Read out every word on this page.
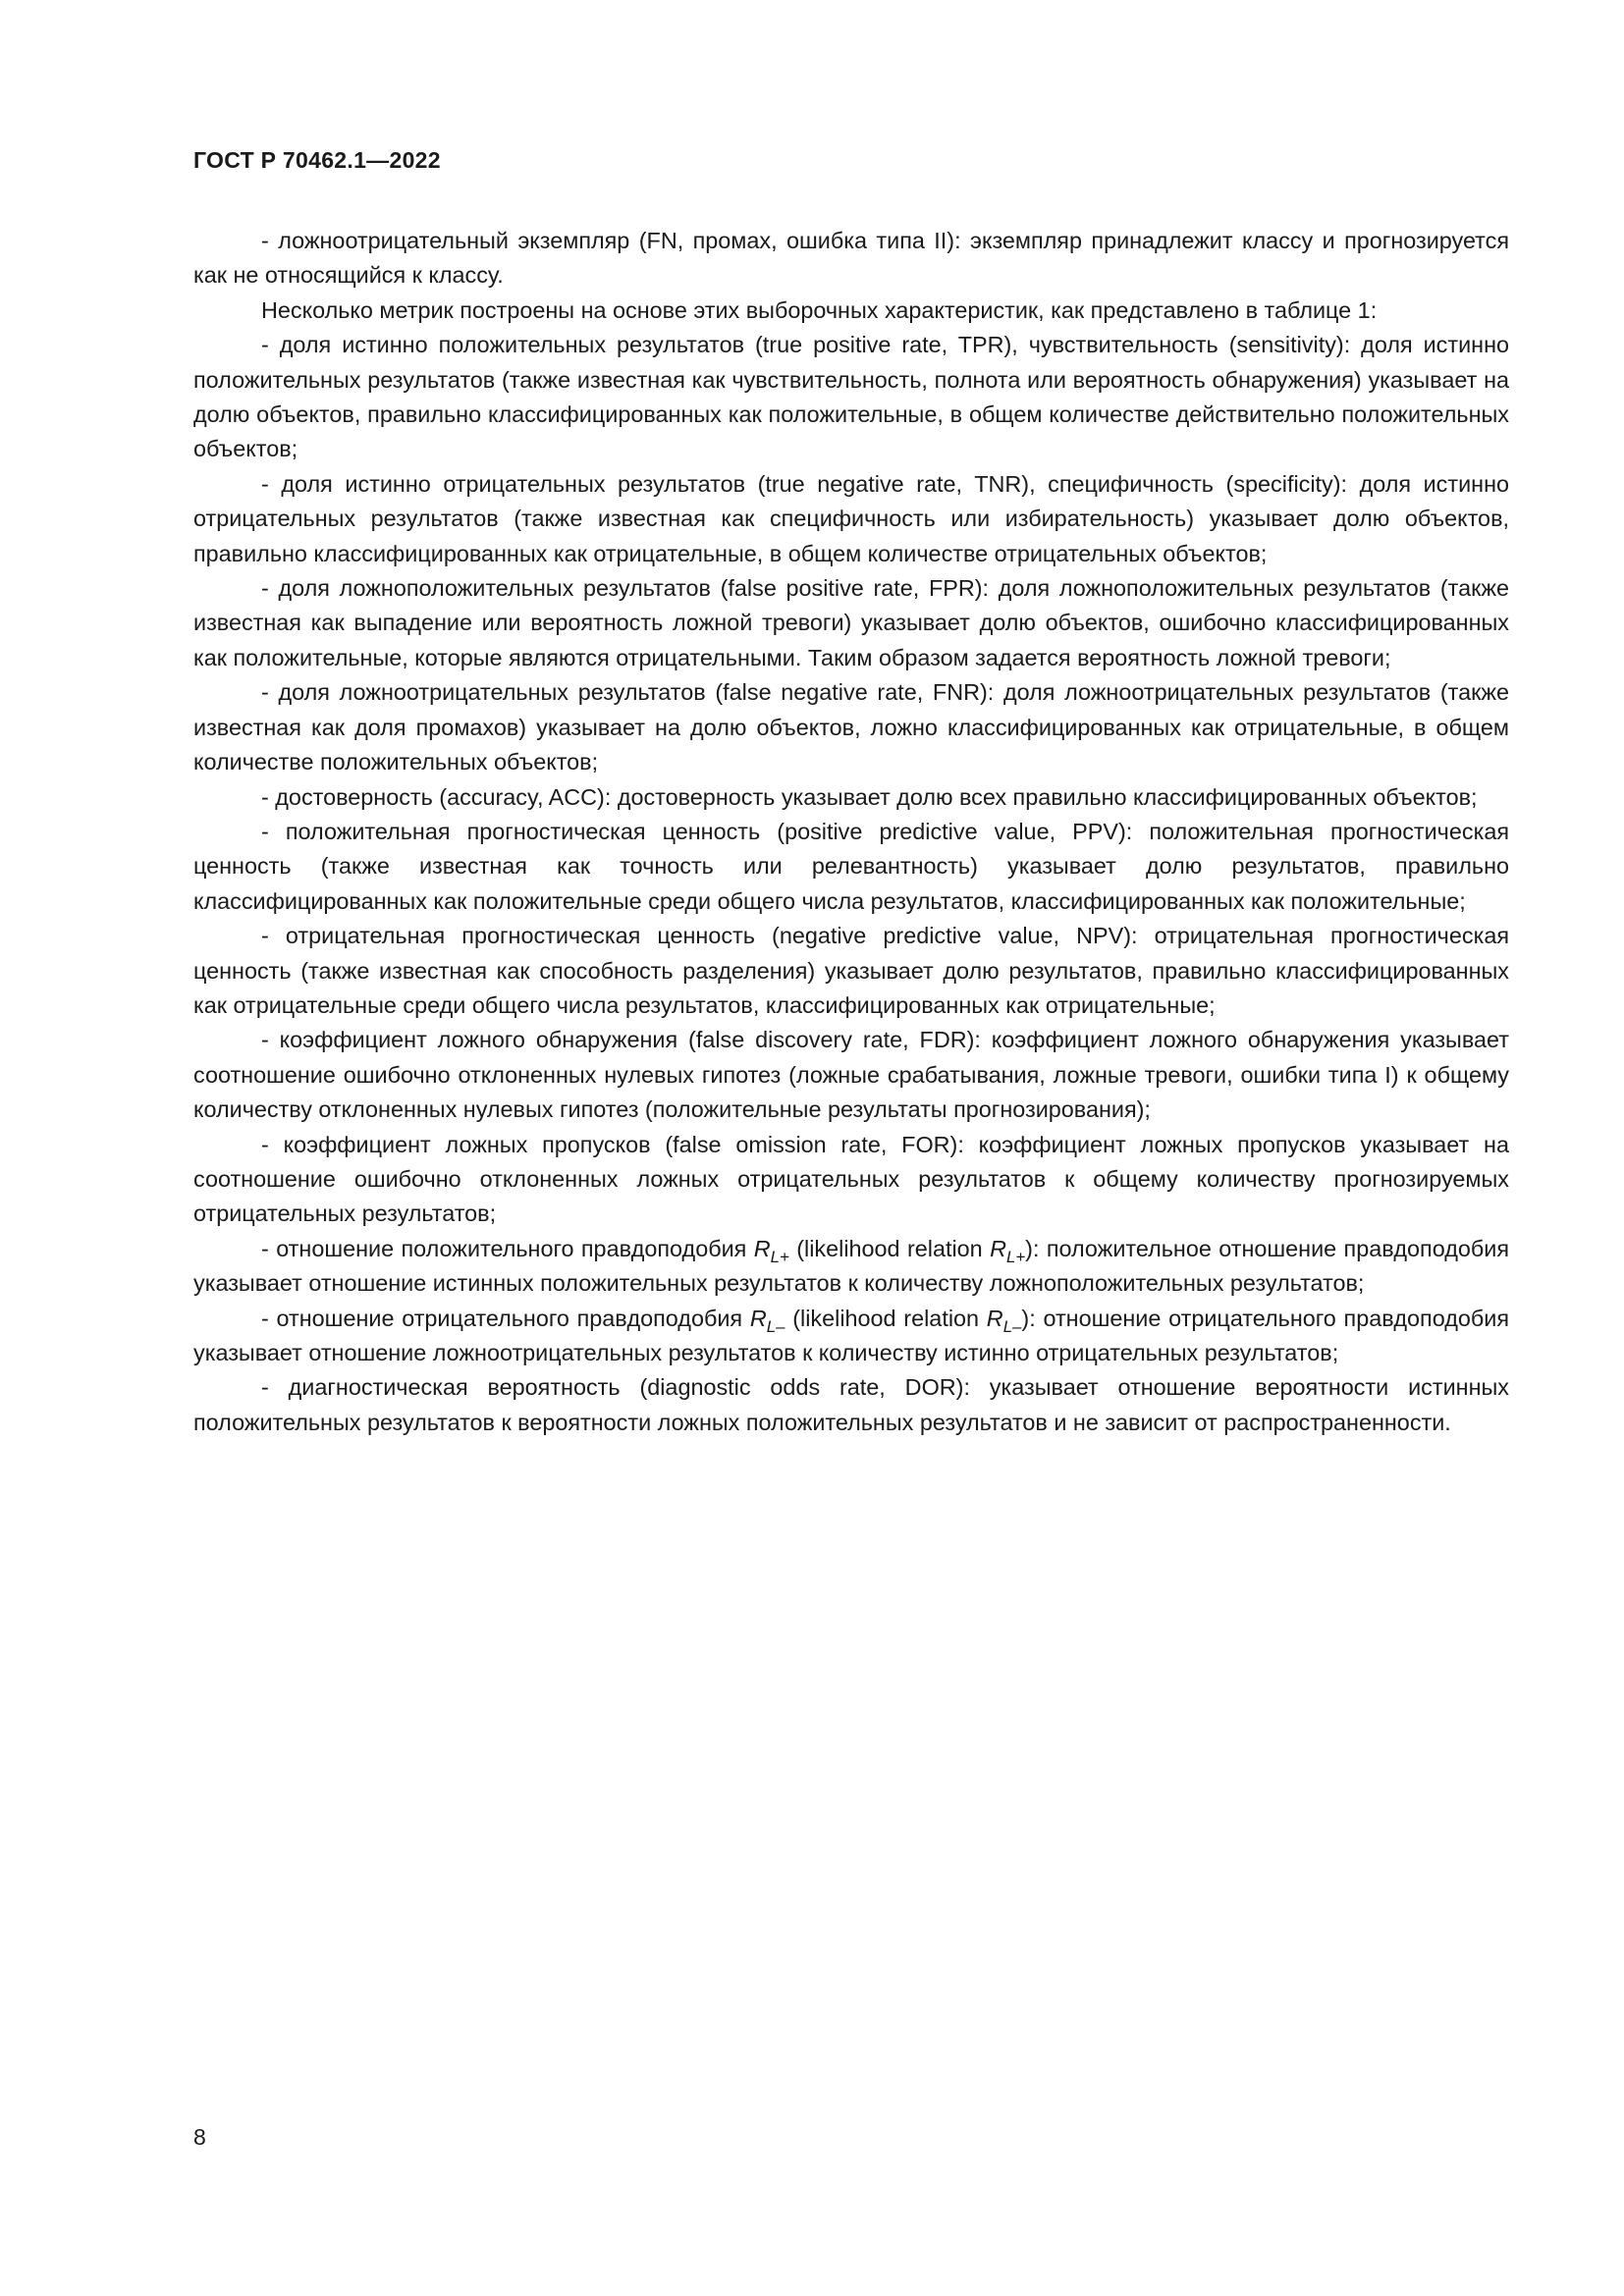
ГОСТ Р 70462.1—2022

- ложноотрицательный экземпляр (FN, промах, ошибка типа II): экземпляр принадлежит классу и прогнозируется как не относящийся к классу.

Несколько метрик построены на основе этих выборочных характеристик, как представлено в таблице 1:

- доля истинно положительных результатов (true positive rate, TPR), чувствительность (sensitivity): доля истинно положительных результатов (также известная как чувствительность, полнота или вероятность обнаружения) указывает на долю объектов, правильно классифицированных как положительные, в общем количестве действительно положительных объектов;

- доля истинно отрицательных результатов (true negative rate, TNR), специфичность (specificity): доля истинно отрицательных результатов (также известная как специфичность или избирательность) указывает долю объектов, правильно классифицированных как отрицательные, в общем количестве отрицательных объектов;

- доля ложноположительных результатов (false positive rate, FPR): доля ложноположительных результатов (также известная как выпадение или вероятность ложной тревоги) указывает долю объектов, ошибочно классифицированных как положительные, которые являются отрицательными. Таким образом задается вероятность ложной тревоги;

- доля ложноотрицательных результатов (false negative rate, FNR): доля ложноотрицательных результатов (также известная как доля промахов) указывает на долю объектов, ложно классифицированных как отрицательные, в общем количестве положительных объектов;

- достоверность (accuracy, ACC): достоверность указывает долю всех правильно классифицированных объектов;

- положительная прогностическая ценность (positive predictive value, PPV): положительная прогностическая ценность (также известная как точность или релевантность) указывает долю результатов, правильно классифицированных как положительные среди общего числа результатов, классифицированных как положительные;

- отрицательная прогностическая ценность (negative predictive value, NPV): отрицательная прогностическая ценность (также известная как способность разделения) указывает долю результатов, правильно классифицированных как отрицательные среди общего числа результатов, классифицированных как отрицательные;

- коэффициент ложного обнаружения (false discovery rate, FDR): коэффициент ложного обнаружения указывает соотношение ошибочно отклоненных нулевых гипотез (ложные срабатывания, ложные тревоги, ошибки типа I) к общему количеству отклоненных нулевых гипотез (положительные результаты прогнозирования);

- коэффициент ложных пропусков (false omission rate, FOR): коэффициент ложных пропусков указывает на соотношение ошибочно отклоненных ложных отрицательных результатов к общему количеству прогнозируемых отрицательных результатов;

- отношение положительного правдоподобия $R_{L+}$ (likelihood relation $R_{L+}$): положительное отношение правдоподобия указывает отношение истинных положительных результатов к количеству ложноположительных результатов;

- отношение отрицательного правдоподобия $R_{L-}$ (likelihood relation $R_{L-}$): отношение отрицательного правдоподобия указывает отношение ложноотрицательных результатов к количеству истинно отрицательных результатов;

- диагностическая вероятность (diagnostic odds rate, DOR): указывает отношение вероятности истинных положительных результатов к вероятности ложных положительных результатов и не зависит от распространенности.

8
